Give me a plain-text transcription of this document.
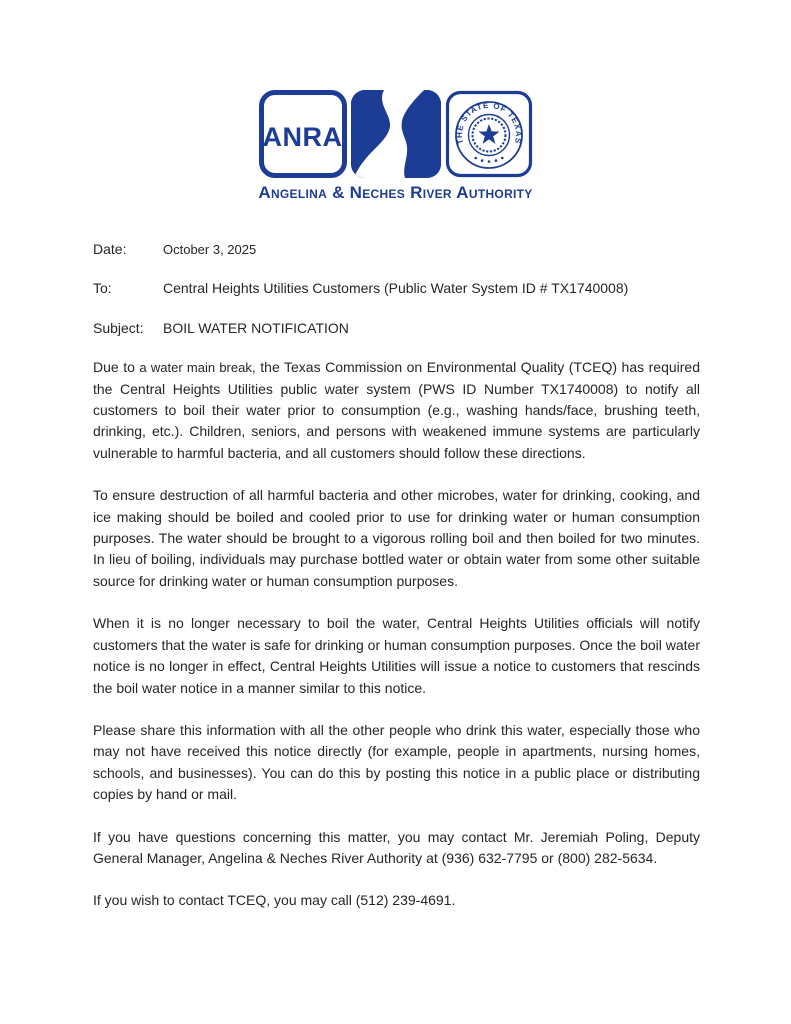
ANRA	THE STATE OF TEXAS
Angelina & Neches River Authority
Date:	October 3, 2025
To:	Central Heights Utilities Customers (Public Water System ID # TX1740008)
Subject: BOIL WATER NOTIFICATION

Due to a water main break, the Texas Commission on Environmental Quality (TCEQ) has required the Central Heights Utilities public water system (PWS ID Number TX1740008) to notify all customers to boil their water prior to consumption (e.g., washing hands/face, brushing teeth, drinking, etc.). Children, seniors, and persons with weakened immune systems are particularly vulnerable to harmful bacteria, and all customers should follow these directions.

To ensure destruction of all harmful bacteria and other microbes, water for drinking, cooking, and ice making should be boiled and cooled prior to use for drinking water or human consumption purposes. The water should be brought to a vigorous rolling boil and then boiled for two minutes. In lieu of boiling, individuals may purchase bottled water or obtain water from some other suitable source for drinking water or human consumption purposes.

When it is no longer necessary to boil the water, Central Heights Utilities officials will notify customers that the water is safe for drinking or human consumption purposes. Once the boil water notice is no longer in effect, Central Heights Utilities will issue a notice to customers that rescinds the boil water notice in a manner similar to this notice.

Please share this information with all the other people who drink this water, especially those who may not have received this notice directly (for example, people in apartments, nursing homes, schools, and businesses). You can do this by posting this notice in a public place or distributing copies by hand or mail.

If you have questions concerning this matter, you may contact Mr. Jeremiah Poling, Deputy General Manager, Angelina & Neches River Authority at (936) 632-7795 or (800) 282-5634.

If you wish to contact TCEQ, you may call (512) 239-4691.
